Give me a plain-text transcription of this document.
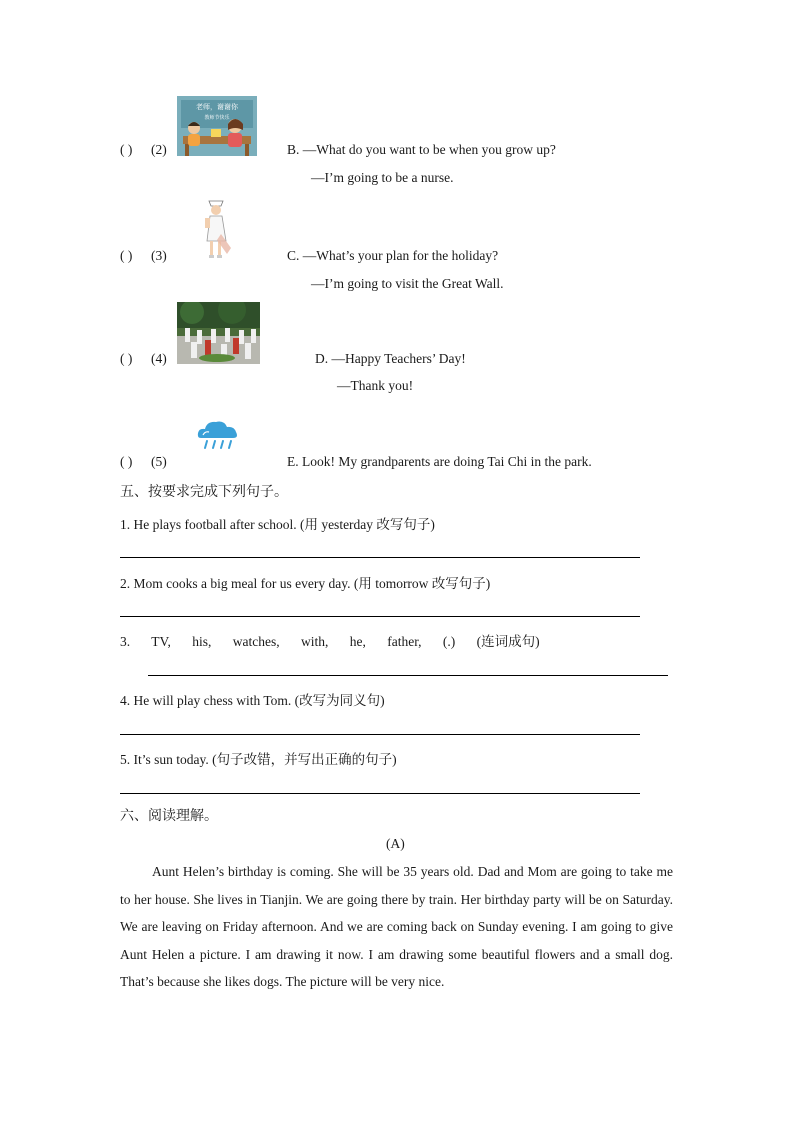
老师，谢谢你
教师节快乐
( ) (2)	B. —What do you want to be when you grow up?
—I’m going to be a nurse.
( ) (3)	C. —What’s your plan for the holiday?
—I’m going to visit the Great Wall.
( ) (4)	D. —Happy Teachers’ Day!
—Thank you!
( ) (5)	E. Look! My grandparents are doing Tai Chi in the park.
五、按要求完成下列句子。
1. He plays football after school. (用 yesterday 改写句子)
2. Mom cooks a big meal for us every day. (用 tomorrow 改写句子)
3. TV, his, watches, with, he, father, (.) (连词成句)
4. He will play chess with Tom. (改写为同义句)
5. It’s sun today. (句子改错，并写出正确的句子)
六、阅读理解。
(A)

Aunt Helen’s birthday is coming. She will be 35 years old. Dad and Mom are going to take me to her house. She lives in Tianjin. We are going there by train. Her birthday party will be on Saturday. We are leaving on Friday afternoon. And we are coming back on Sunday evening. I am going to give Aunt Helen a picture. I am drawing it now. I am drawing some beautiful flowers and a small dog. That’s because she likes dogs. The picture will be very nice.
